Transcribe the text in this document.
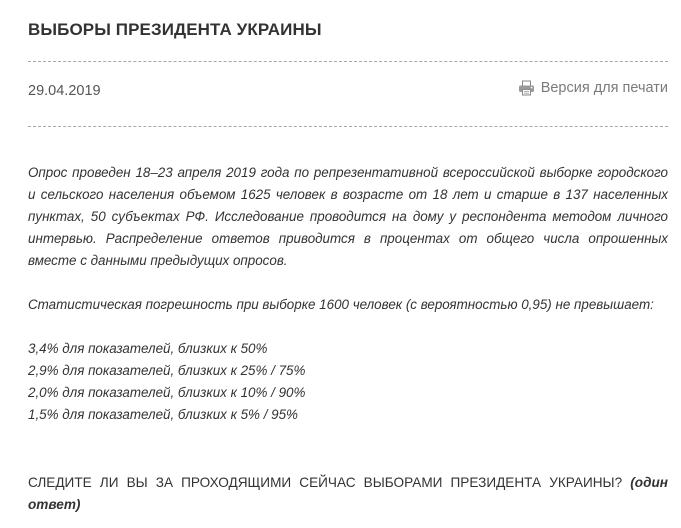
ВЫБОРЫ ПРЕЗИДЕНТА УКРАИНЫ
29.04.2019	Версия для печати

Опрос проведен 18–23 апреля 2019 года по репрезентативной всероссийской выборке городского и сельского населения объемом 1625 человек в возрасте от 18 лет и старше в 137 населенных пунктах, 50 субъектах РФ. Исследование проводится на дому у респондента методом личного интервью. Распределение ответов приводится в процентах от общего числа опрошенных вместе с данными предыдущих опросов.

Статистическая погрешность при выборке 1600 человек (с вероятностью 0,95) не превышает:

3,4% для показателей, близких к 50%
2,9% для показателей, близких к 25% / 75%
2,0% для показателей, близких к 10% / 90%
1,5% для показателей, близких к 5% / 95%

СЛЕДИТЕ ЛИ ВЫ ЗА ПРОХОДЯЩИМИ СЕЙЧАС ВЫБОРАМИ ПРЕЗИДЕНТА УКРАИНЫ? (один ответ)
